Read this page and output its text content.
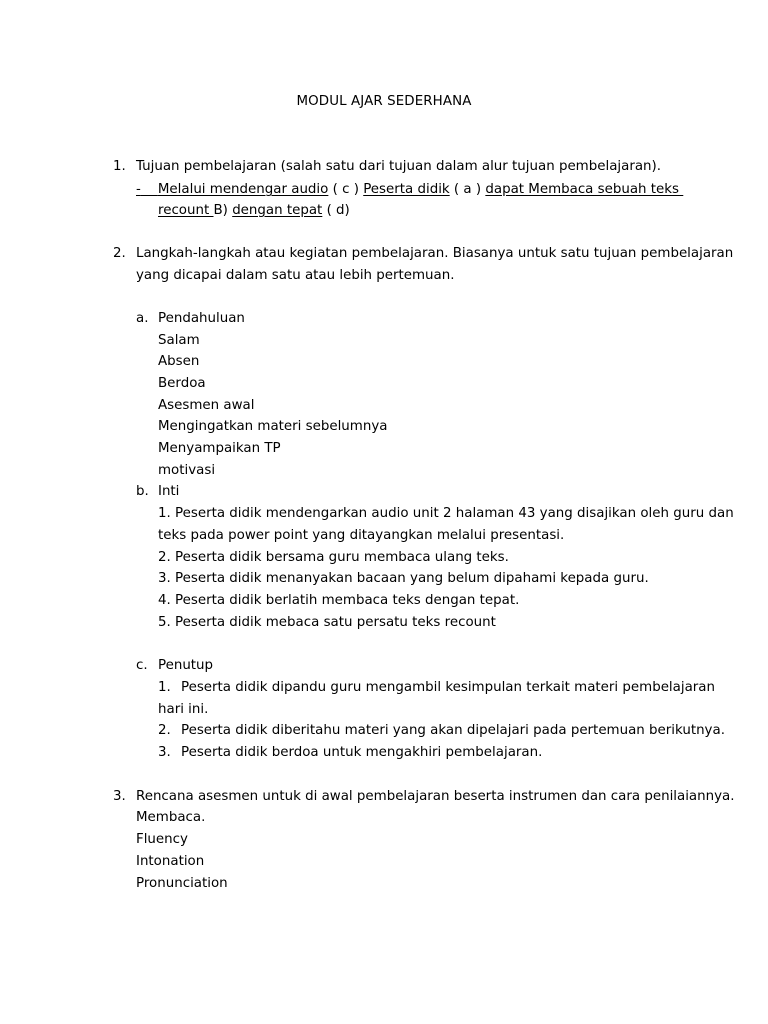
MODUL AJAR SEDERHANA
1. Tujuan pembelajaran (salah satu dari tujuan dalam alur tujuan pembelajaran).
- Melalui mendengar audio ( c ) Peserta didik ( a ) dapat Membaca sebuah teks
recount B) dengan tepat ( d)
2. Langkah-langkah atau kegiatan pembelajaran. Biasanya untuk satu tujuan pembelajaran
yang dicapai dalam satu atau lebih pertemuan.
a. Pendahuluan
Salam
Absen
Berdoa
Asesmen awal
Mengingatkan materi sebelumnya
Menyampaikan TP
motivasi
b. Inti
1. Peserta didik mendengarkan audio unit 2 halaman 43 yang disajikan oleh guru dan
teks pada power point yang ditayangkan melalui presentasi.
2. Peserta didik bersama guru membaca ulang teks.
3. Peserta didik menanyakan bacaan yang belum dipahami kepada guru.
4. Peserta didik berlatih membaca teks dengan tepat.
5. Peserta didik mebaca satu persatu teks recount
c. Penutup
1. Peserta didik dipandu guru mengambil kesimpulan terkait materi pembelajaran
hari ini.
2. Peserta didik diberitahu materi yang akan dipelajari pada pertemuan berikutnya.
3. Peserta didik berdoa untuk mengakhiri pembelajaran.
3. Rencana asesmen untuk di awal pembelajaran beserta instrumen dan cara penilaiannya.
Membaca.
Fluency
Intonation
Pronunciation
